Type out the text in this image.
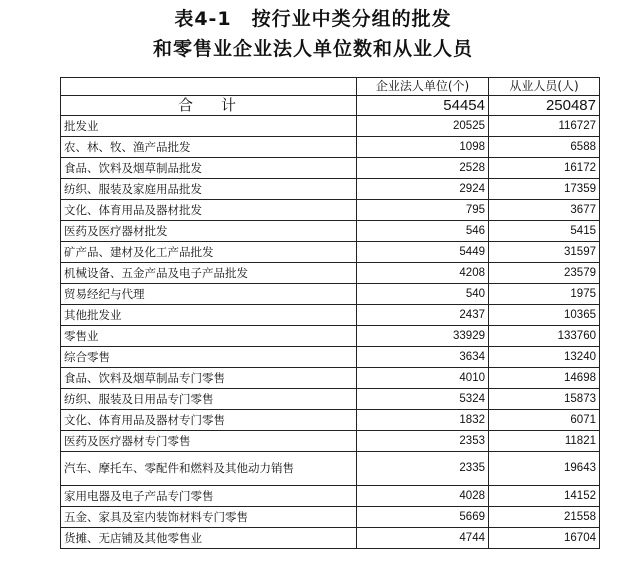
表4-1　按行业中类分组的批发
和零售业企业法人单位数和从业人员
	企业法人单位(个)	从业人员(人)
合计	54454	250487
批发业	20525	116727
农、林、牧、渔产品批发	1098	6588
食品、饮料及烟草制品批发	2528	16172
纺织、服装及家庭用品批发	2924	17359
文化、体育用品及器材批发	795	3677
医药及医疗器材批发	546	5415
矿产品、建材及化工产品批发	5449	31597
机械设备、五金产品及电子产品批发	4208	23579
贸易经纪与代理	540	1975
其他批发业	2437	10365
零售业	33929	133760
综合零售	3634	13240
食品、饮料及烟草制品专门零售	4010	14698
纺织、服装及日用品专门零售	5324	15873
文化、体育用品及器材专门零售	1832	6071
医药及医疗器材专门零售	2353	11821
汽车、摩托车、零配件和燃料及其他动力销售	2335	19643
家用电器及电子产品专门零售	4028	14152
五金、家具及室内装饰材料专门零售	5669	21558
货摊、无店铺及其他零售业	4744	16704
